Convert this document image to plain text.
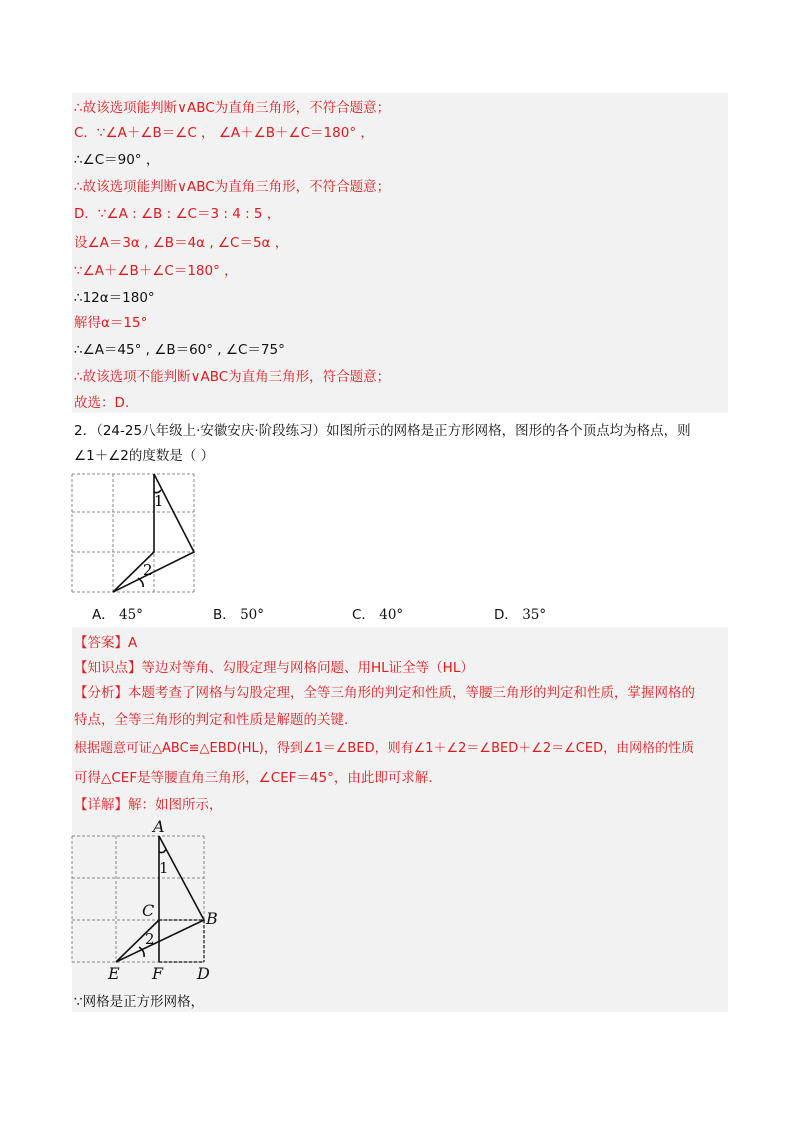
∴故该选项能判断∨ABC为直角三角形，不符合题意；
C．∵∠A＋∠B＝∠C ， ∠A＋∠B＋∠C＝180° ，
∴∠C＝90° ，
∴故该选项能判断∨ABC为直角三角形，不符合题意；
D．∵∠A : ∠B : ∠C＝3 : 4 : 5 ，
设∠A＝3α , ∠B＝4α , ∠C＝5α ，
∵∠A＋∠B＋∠C＝180° ，
∴12α＝180°
解得α＝15°
∴∠A＝45° , ∠B＝60° , ∠C＝75°
∴故该选项不能判断∨ABC为直角三角形，符合题意；
故选：D.
2．（24-25八年级上·安徽安庆·阶段练习）如图所示的网格是正方形网格，图形的各个顶点均为格点，则
∠1＋∠2的度数是（ ）
1
2
A． 45°	B． 50°	C． 40°	D． 35°
【答案】A
【知识点】等边对等角、勾股定理与网格问题、用HL证全等（HL）
【分析】本题考查了网格与勾股定理，全等三角形的判定和性质，等腰三角形的判定和性质，掌握网格的
特点，全等三角形的判定和性质是解题的关键．
根据题意可证△ABC≌△EBD(HL)，得到∠1＝∠BED，则有∠1＋∠2＝∠BED＋∠2＝∠CED，由网格的性质
可得△CEF是等腰直角三角形，∠CEF＝45°，由此即可求解．
【详解】解：如图所示，
A
B
C
D
E F
1
2
∵网格是正方形网格，
